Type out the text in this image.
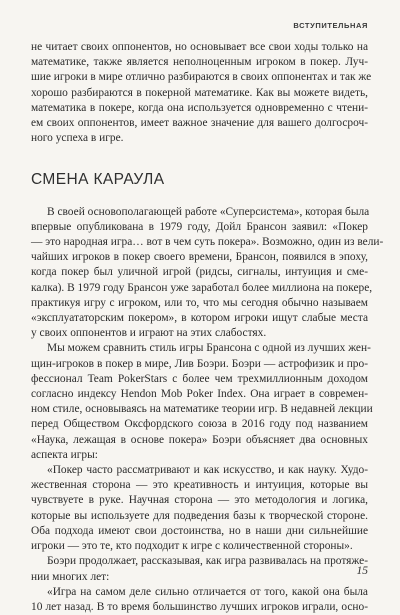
ВСТУПИТЕЛЬНАЯ

не читает своих оппонентов, но основывает все свои ходы только на
математике, также является неполноценным игроком в покер. Луч-
шие игроки в мире отлично разбираются в своих оппонентах и так же
хорошо разбираются в покерной математике. Как вы можете видеть,
математика в покере, когда она используется одновременно с чтени-
ем своих оппонентов, имеет важное значение для вашего долгосроч-
ного успеха в игре.

СМЕНА КАРАУЛА

В своей основополагающей работе «Суперсистема», которая была
впервые опубликована в 1979 году, Дойл Брансон заявил: «Покер
— это народная игра… вот в чем суть покера». Возможно, один из вели-
чайших игроков в покер своего времени, Брансон, появился в эпоху,
когда покер был уличной игрой (ридсы, сигналы, интуиция и сме-
калка). В 1979 году Брансон уже заработал более миллиона на покере,
практикуя игру с игроком, или то, что мы сегодня обычно называем
«эксплуататорским покером», в котором игроки ищут слабые места
у своих оппонентов и играют на этих слабостях.

Мы можем сравнить стиль игры Брансона с одной из лучших жен-
щин-игроков в покер в мире, Лив Боэри. Боэри — астрофизик и про-
фессионал Team PokerStars с более чем трехмиллионным доходом
согласно индексу Hendon Mob Poker Index. Она играет в современ-
ном стиле, основываясь на математике теории игр. В недавней лекции
перед Обществом Оксфордского союза в 2016 году под названием
«Наука, лежащая в основе покера» Боэри объясняет два основных
аспекта игры:

«Покер часто рассматривают и как искусство, и как науку. Худо-
жественная сторона — это креативность и интуиция, которые вы
чувствуете в руке. Научная сторона — это методология и логика,
которые вы используете для подведения базы к творческой стороне.
Оба подхода имеют свои достоинства, но в наши дни сильнейшие
игроки — это те, кто подходит к игре с количественной стороны».

Боэри продолжает, рассказывая, как игра развивалась на протяже-
нии многих лет:

«Игра на самом деле сильно отличается от того, какой она была
10 лет назад. В то время большинство лучших игроков играли, осно-

15
